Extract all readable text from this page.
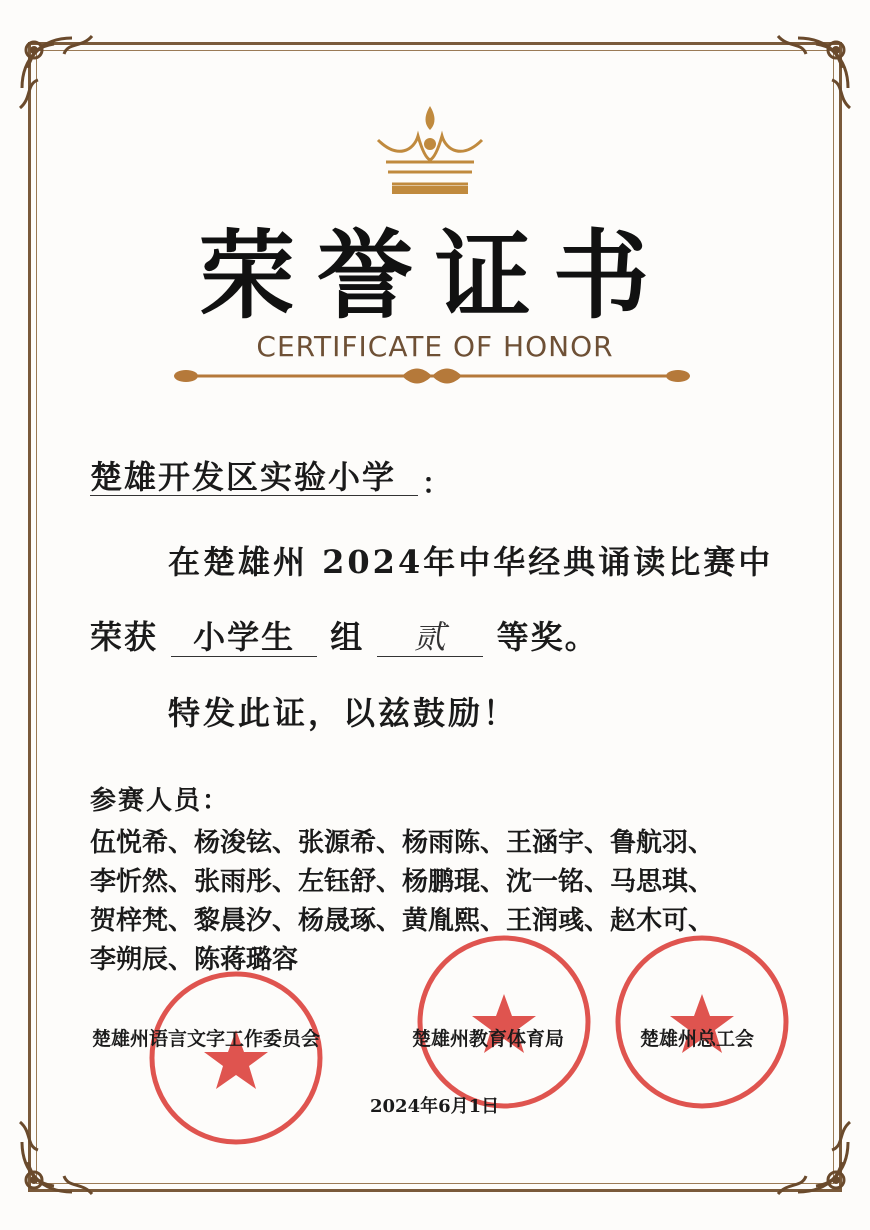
荣誉证书
CERTIFICATE OF HONOR
楚雄开发区实验小学 ：
在楚雄州 2024年中华经典诵读比赛中
荣获 小学生 组 贰 等奖。
特发此证，以兹鼓励！
参赛人员：
伍悦希、杨浚铉、张源希、杨雨陈、王涵宇、鲁航羽、
李忻然、张雨彤、左钰舒、杨鹏琨、沈一铭、马思琪、
贺梓梵、黎晨汐、杨晟琢、黄胤熙、王润彧、赵木可、
李朔辰、陈蒋璐容
楚雄州语言文字工作委员会	楚雄州教育体育局	楚雄州总工会
2024年6月1日
